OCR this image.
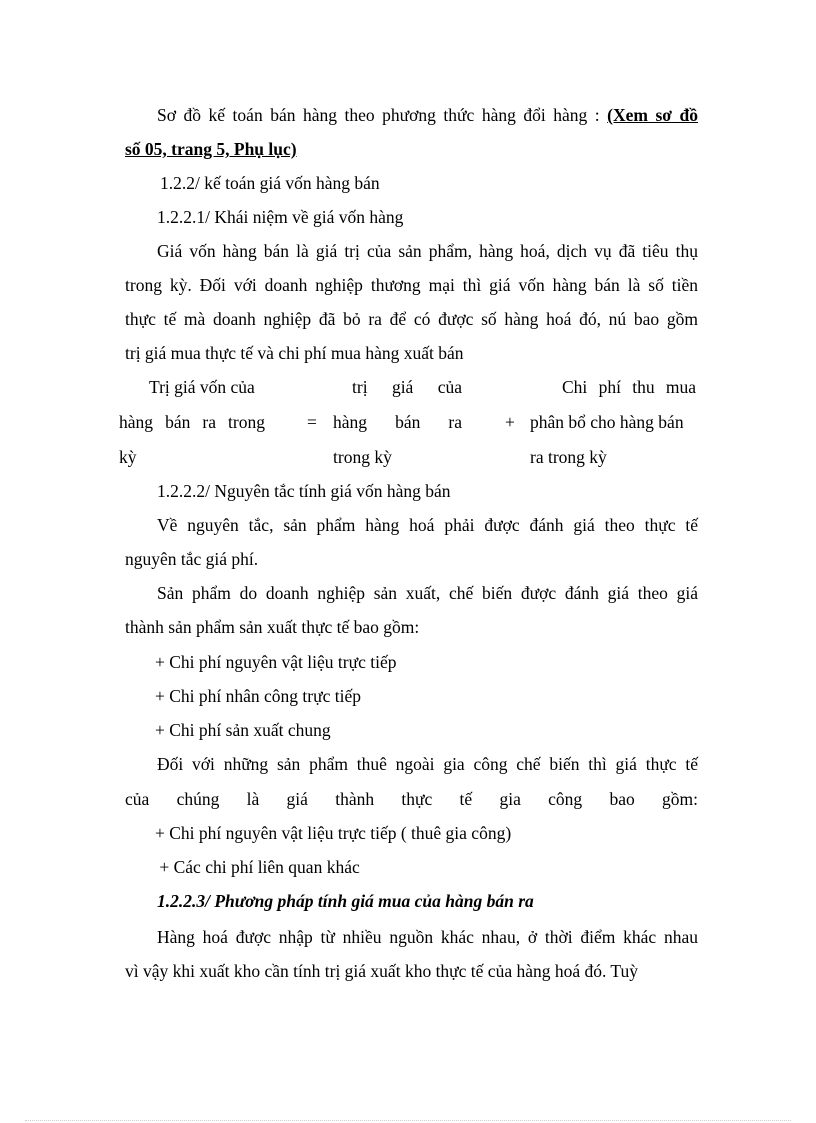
Sơ đồ kế toán bán hàng theo phương thức hàng đổi hàng : (Xem sơ đồ
số 05, trang 5, Phụ lục)
1.2.2/ kế toán giá vốn hàng bán
1.2.2.1/ Khái niệm về giá vốn hàng
Giá vốn hàng bán là giá trị của sản phẩm, hàng hoá, dịch vụ đã tiêu thụ
trong kỳ. Đối với doanh nghiệp thương mại thì giá vốn hàng bán là số tiền
thực tế mà doanh nghiệp đã bỏ ra để có được số hàng hoá đó, nú bao gồm
trị giá mua thực tế và chi phí mua hàng xuất bán
Trị giá vốn của
hàng bán ra trong
kỳ
=
trị giá của
hàng bán ra
trong kỳ
+
Chi phí thu mua
phân bổ cho hàng bán
ra trong kỳ
1.2.2.2/ Nguyên tắc tính giá vốn hàng bán
Về nguyên tắc, sản phẩm hàng hoá phải được đánh giá theo thực tế
nguyên tắc giá phí.
Sản phẩm do doanh nghiệp sản xuất, chế biến được đánh giá theo giá
thành sản phẩm sản xuất thực tế bao gồm:
+ Chi phí nguyên vật liệu trực tiếp
+ Chi phí nhân công trực tiếp
+ Chi phí sản xuất chung
Đối với những sản phẩm thuê ngoài gia công chế biến thì giá thực tế
của chúng là giá thành thực tế gia công bao gồm:
+ Chi phí nguyên vật liệu trực tiếp ( thuê gia công)
+ Các chi phí liên quan khác
1.2.2.3/ Phương pháp tính giá mua của hàng bán ra
Hàng hoá được nhập từ nhiều nguồn khác nhau, ở thời điểm khác nhau
vì vậy khi xuất kho cần tính trị giá xuất kho thực tế của hàng hoá đó. Tuỳ
